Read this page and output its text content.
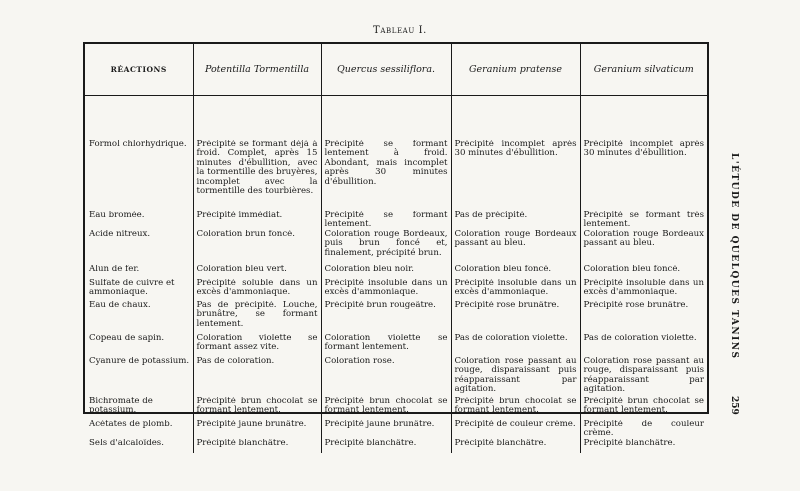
Tableau I.
RÉACTIONS	Potentilla Tormentilla	Quercus sessiliflora.	Geranium pratense	Geranium silvaticum

Formol chlorhydrique.	Précipité se formant déjà à froid. Complet, après 15 minutes d'ébullition, avec la tormentille des bruyères, incomplet avec la tormentille des tourbières.	Précipité se formant lentement à froid. Abondant, mais incomplet après 30 minutes d'ébullition.	Précipité incomplet après 30 minutes d'ébullition.	Précipité incomplet après 30 minutes d'ébullition.
Eau bromée.	Précipité immédiat.	Précipité se formant lentement.	Pas de précipité.	Précipité se formant très lentement.
Acide nitreux.	Coloration brun foncé.	Coloration rouge Bordeaux, puis brun foncé et, finalement, précipité brun.	Coloration rouge Bordeaux passant au bleu.	Coloration rouge Bordeaux passant au bleu.
Alun de fer.	Coloration bleu vert.	Coloration bleu noir.	Coloration bleu foncé.	Coloration bleu foncé.
Sulfate de cuivre et ammoniaque.	Précipité soluble dans un excès d'ammoniaque.	Précipité insoluble dans un excès d'ammoniaque.	Précipité insoluble dans un excès d'ammoniaque.	Précipité insoluble dans un excès d'ammoniaque.
Eau de chaux.	Pas de précipité. Louche, brunâtre, se formant lentement.	Précipité brun rougeâtre.	Précipité rose brunâtre.	Précipité rose brunâtre.
Copeau de sapin.	Coloration violette se formant assez vite.	Coloration violette se formant lentement.	Pas de coloration violette.	Pas de coloration violette.
Cyanure de potassium.	Pas de coloration.	Coloration rose.	Coloration rose passant au rouge, disparaissant puis réapparaissant par agitation.	Coloration rose passant au rouge, disparaissant puis réapparaissant par agitation.
Bichromate de potassium.	Précipité brun chocolat se formant lentement.	Précipité brun chocolat se formant lentement.	Précipité brun chocolat se formant lentement.	Précipité brun chocolat se formant lentement.
Acétates de plomb.	Précipité jaune brunâtre.	Précipité jaune brunâtre.	Précipité de couleur crème.	Précipité de couleur crème.
Sels d'alcaloïdes.	Précipité blanchâtre.	Précipité blanchâtre.	Précipité blanchâtre.	Précipité blanchâtre.
L'ÉTUDE DE QUELQUES TANINS
259
